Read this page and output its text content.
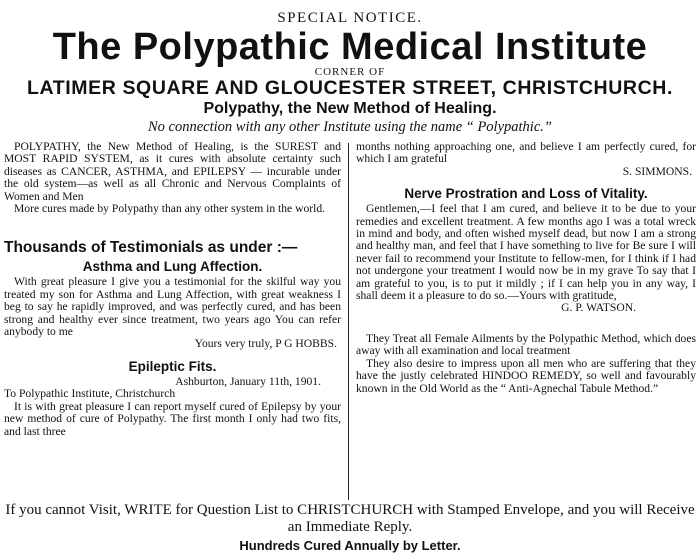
SPECIAL NOTICE.
The Polypathic Medical Institute
CORNER OF
LATIMER SQUARE AND GLOUCESTER STREET, CHRISTCHURCH.
Polypathy, the New Method of Healing.
No connection with any other Institute using the name “ Polypathic.”

POLYPATHY, the New Method of Healing, is the SUREST and MOST RAPID SYSTEM, as it cures with absolute certainty such diseases as CANCER, ASTHMA, and EPILEPSY — incurable under the old system—as well as all Chronic and Nervous Complaints of Women and Men

More cures made by Polypathy than any other system in the world.

Thousands of Testimonials as under :—
Asthma and Lung Affection.

With great pleasure I give you a testimonial for the skilful way you treated my son for Asthma and Lung Affection, with great weakness I beg to say he rapidly improved, and was perfectly cured, and has been strong and healthy ever since treatment, two years ago You can refer anybody to me

Yours very truly, P G HOBBS.

Epileptic Fits.

Ashburton, January 11th, 1901.

To Polypathic Institute, Christchurch

It is with great pleasure I can report myself cured of Epilepsy by your new method of cure of Polypathy. The first month I only had two fits, and last three

months nothing approaching one, and believe I am perfectly cured, for which I am grateful

S. SIMMONS.

Nerve Prostration and Loss of Vitality.

Gentlemen,—I feel that I am cured, and believe it to be due to your remedies and excellent treatment. A few months ago I was a total wreck in mind and body, and often wished myself dead, but now I am a strong and healthy man, and feel that I have something to live for Be sure I will never fail to recommend your Institute to fellow-men, for I think if I had not undergone your treatment I would now be in my grave To say that I am grateful to you, is to put it mildly ; if I can help you in any way, I shall deem it a pleasure to do so.—Yours with gratitude,

G. P. WATSON.

They Treat all Female Ailments by the Polypathic Method, which does away with all examination and local treatment

They also desire to impress upon all men who are suffering that they have the justly celebrated HINDOO REMEDY, so well and favourably known in the Old World as the “ Anti-Agnechal Tabule Method.”

If you cannot Visit, WRITE for Question List to CHRISTCHURCH with Stamped Envelope, and you will Receive an Immediate Reply.
Hundreds Cured Annually by Letter.
